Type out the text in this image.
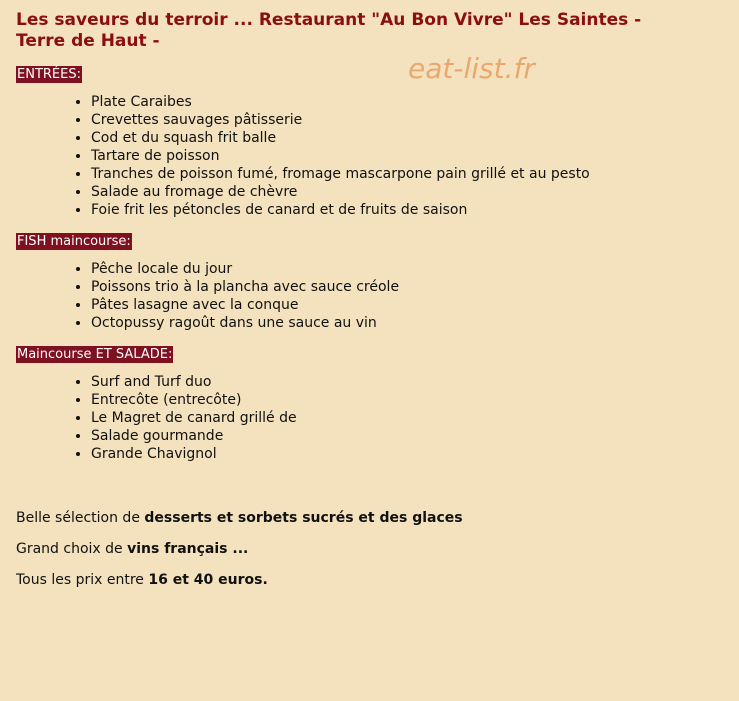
eat-list.fr
Les saveurs du terroir ... Restaurant "Au Bon Vivre" Les Saintes - Terre de Haut -
ENTRÉES:
• Plate Caraibes
• Crevettes sauvages pâtisserie
• Cod et du squash frit balle
• Tartare de poisson
• Tranches de poisson fumé, fromage mascarpone pain grillé et au pesto
• Salade au fromage de chèvre
• Foie frit les pétoncles de canard et de fruits de saison
FISH maincourse:
• Pêche locale du jour
• Poissons trio à la plancha avec sauce créole
• Pâtes lasagne avec la conque
• Octopussy ragoût dans une sauce au vin
Maincourse ET SALADE:
• Surf and Turf duo
• Entrecôte (entrecôte)
• Le Magret de canard grillé de
• Salade gourmande
• Grande Chavignol

Belle sélection de desserts et sorbets sucrés et des glaces

Grand choix de vins français ...

Tous les prix entre 16 et 40 euros.
